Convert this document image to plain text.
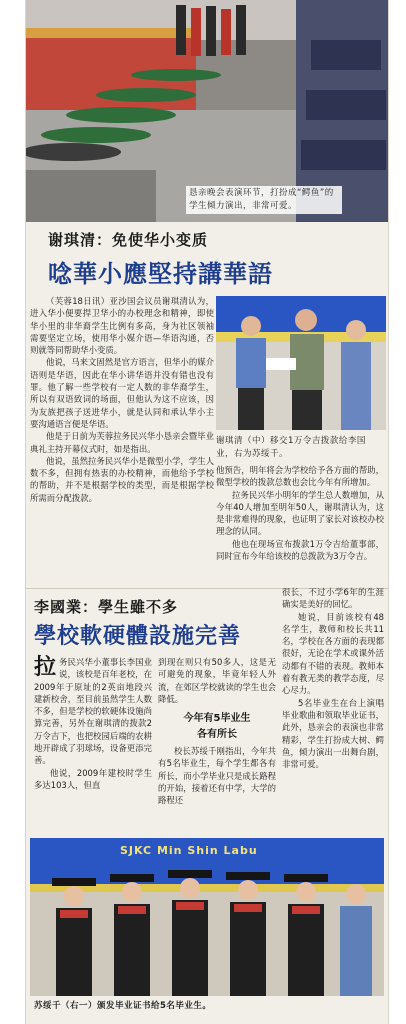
恳亲晚会表演环节，打扮成“鳄鱼”的学生倾力演出，非常可爱。
谢琪清：免使华小变质
唸華小應堅持講華語

（芙蓉18日讯）亚沙国会议员谢琪清认为，进入华小便要捍卫华小的办校理念和精神，即使华小里的非华裔学生比例有多高，身为社区领袖需要坚定立场，使用华小媒介语—华语沟通，否则就等同帮助华小变质。

他说，马来文固然是官方语言，但华小的媒介语则是华语，因此在华小讲华语并没有错也没有罪。他了解一些学校有一定人数的非华裔学生，所以有双语致词的场面，但他认为这不应该，因为友族把孩子送进华小，就是认同和承认华小主要沟通语言便是华语。

他是于日前为芙蓉拉务民兴华小恳亲会暨毕业典礼主持开幕仪式时，如是指出。

他说，虽然拉务民兴华小是微型小学，学生人数不多，但拥有热衷的办校精神，而他给予学校的帮助，并不是根据学校的类型，而是根据学校所需而分配拨款。

谢琪清（中）移交1万令吉拨款给李国业，右为苏绥千。

他预告，明年将会为学校给予各方面的帮助，微型学校的拨款总数也会比今年有所增加。

拉务民兴华小明年的学生总人数增加，从今年40人增加至明年50人，谢琪清认为，这是非常难得的现象，也证明了家长对该校办校理念的认同。

他也在现场宣布拨款1万令吉给董事部，同时宣布今年给该校的总拨款为3万令吉。

李國業：學生雖不多
學校軟硬體設施完善

拉务民兴华小董事长李国业说，该校是百年老校，在2009年于原址的2英亩地段兴建新校舍，至目前虽然学生人数不多，但是学校的软硬体设施尚算完善，另外在谢琪清的拨款2万令吉下，也把校园后端的农耕地开辟成了羽球场，设备更添完善。

他说，2009年建校时学生多达103人，但直

到现在则只有50多人，这是无可避免的现象，毕竟年轻人外流，在郊区学校就读的学生也会降低。

今年有5毕业生
各有所长

校长苏绥千刚指出，今年共有5名毕业生，每个学生都各有所长，而小学毕业只是成长路程的开始，接着还有中学，大学的路程还

很长，不过小学6年的生涯确实是美好的回忆。

她说，目前该校有48名学生，教师和校长共11名，学校在各方面的表现都很好，无论在学术或课外活动都有不错的表现。教师本着有教无类的教学态度，尽心尽力。

5名毕业生在台上演唱毕业歌曲和领取毕业证书，此外，恳亲会的表演也非常精彩，学生打扮成大树、鳄鱼，倾力演出一出舞台剧，非常可爱。

SJKC Min Shin Labu
苏绥千（右一）颁发毕业证书给5名毕业生。
